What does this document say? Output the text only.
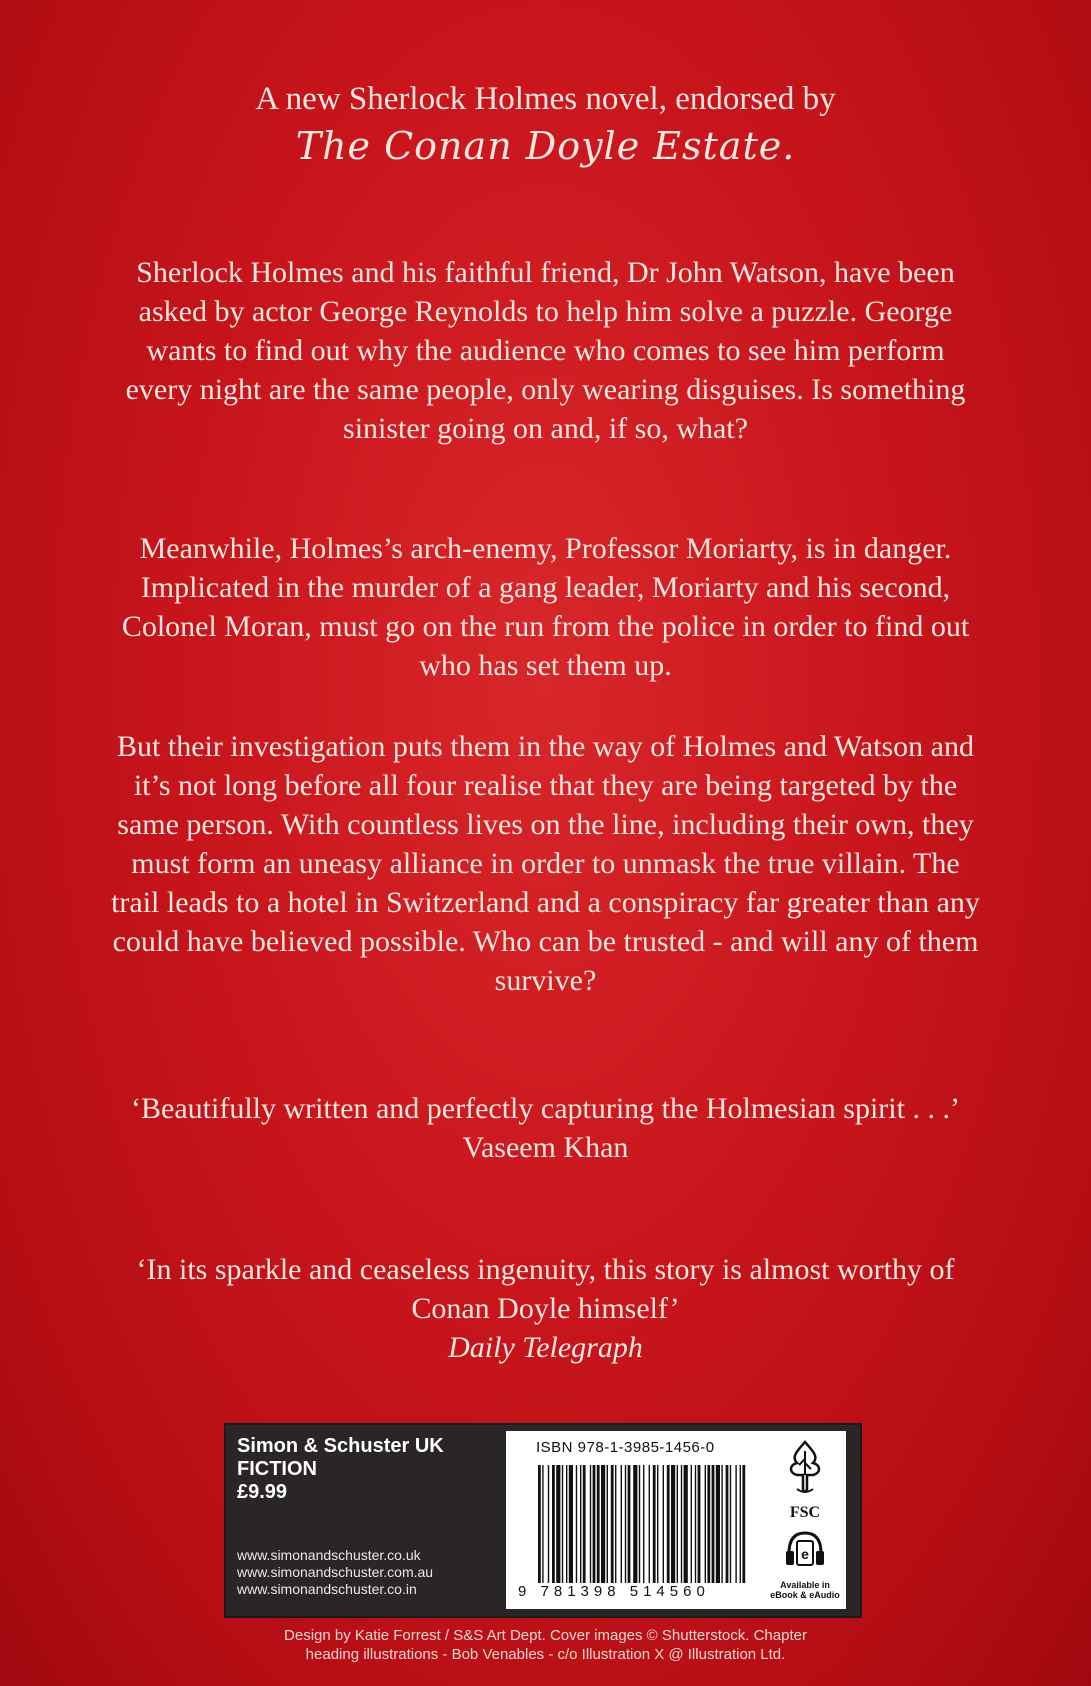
A new Sherlock Holmes novel, endorsed by
The Conan Doyle Estate.

Sherlock Holmes and his faithful friend, Dr John Watson, have been asked by actor George Reynolds to help him solve a puzzle. George wants to find out why the audience who comes to see him perform every night are the same people, only wearing disguises. Is something sinister going on and, if so, what?

Meanwhile, Holmes’s arch-enemy, Professor Moriarty, is in danger. Implicated in the murder of a gang leader, Moriarty and his second, Colonel Moran, must go on the run from the police in order to find out who has set them up.

But their investigation puts them in the way of Holmes and Watson and it’s not long before all four realise that they are being targeted by the same person. With countless lives on the line, including their own, they must form an uneasy alliance in order to unmask the true villain. The trail leads to a hotel in Switzerland and a conspiracy far greater than any could have believed possible. Who can be trusted - and will any of them survive?

‘Beautifully written and perfectly capturing the Holmesian spirit . . .’
Vaseem Khan
‘In its sparkle and ceaseless ingenuity, this story is almost worthy of Conan Doyle himself’
Daily Telegraph
Simon & Schuster UK
FICTION
£9.99
www.simonandschuster.co.uk
www.simonandschuster.com.au
www.simonandschuster.co.in
ISBN 978-1-3985-1456-0
9 781398 514560
FSC
e
Available in
eBook & eAudio
Design by Katie Forrest / S&S Art Dept. Cover images © Shutterstock. Chapter
heading illustrations - Bob Venables - c/o Illustration X @ Illustration Ltd.
